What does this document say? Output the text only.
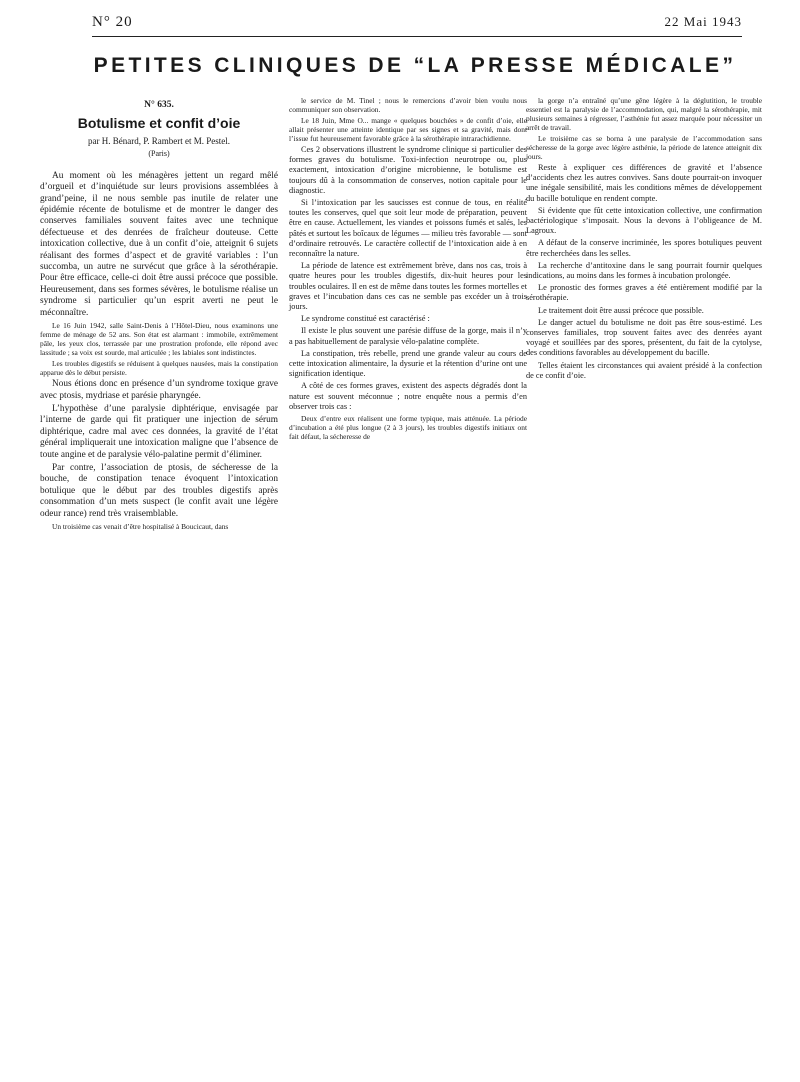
N° 20	22 Mai 1943
PETITES CLINIQUES DE “LA PRESSE MÉDICALE”

N° 635.

Botulisme et confit d’oie

par H. Bénard, P. Rambert et M. Pestel.

(Paris)

Au moment où les ménagères jettent un regard mêlé d’orgueil et d’inquiétude sur leurs provisions assemblées à grand’peine, il ne nous semble pas inutile de relater une épidémie récente de botulisme et de montrer le danger des conserves familiales souvent faites avec une technique défectueuse et des denrées de fraîcheur douteuse. Cette intoxication collective, due à un confit d’oie, atteignit 6 sujets réalisant des formes d’aspect et de gravité variables : l’un succomba, un autre ne survécut que grâce à la sérothérapie. Pour être efficace, celle-ci doit être aussi précoce que possible. Heureusement, dans ses formes sévères, le botulisme réalise un syndrome si particulier qu’un esprit averti ne peut le méconnaître.

Le 16 Juin 1942, salle Saint-Denis à l’Hôtel-Dieu, nous examinons une femme de ménage de 52 ans. Son état est alarmant : immobile, extrêmement pâle, les yeux clos, terrassée par une prostration profonde, elle répond avec lassitude ; sa voix est sourde, mal articulée ; les labiales sont indistinctes.

Les troubles digestifs se réduisent à quelques nausées, mais la constipation apparue dès le début persiste.

Nous étions donc en présence d’un syndrome toxique grave avec ptosis, mydriase et parésie pharyngée.

L’hypothèse d’une paralysie diphtérique, envisagée par l’interne de garde qui fit pratiquer une injection de sérum diphtérique, cadre mal avec ces données, la gravité de l’état général impliquerait une intoxication maligne que l’absence de toute angine et de paralysie vélo-palatine permit d’éliminer.

Par contre, l’association de ptosis, de sécheresse de la bouche, de constipation tenace évoquent l’intoxication botulique que le début par des troubles digestifs après consommation d’un mets suspect (le confit avait une légère odeur rance) rend très vraisemblable.

Un troisième cas venait d’être hospitalisé à Boucicaut, dans

le service de M. Tinel ; nous le remercions d’avoir bien voulu nous communiquer son observation.

Le 18 Juin, Mme O... mange « quelques bouchées » de confit d’oie, elle allait présenter une atteinte identique par ses signes et sa gravité, mais dont l’issue fut heureusement favorable grâce à la sérothérapie intrarachidienne.

Ces 2 observations illustrent le syndrome clinique si particulier des formes graves du botulisme. Toxi-infection neurotrope ou, plus exactement, intoxication d’origine microbienne, le botulisme est toujours dû à la consommation de conserves, notion capitale pour le diagnostic.

Si l’intoxication par les saucisses est connue de tous, en réalité toutes les conserves, quel que soit leur mode de préparation, peuvent être en cause. Actuellement, les viandes et poissons fumés et salés, les pâtés et surtout les boîcaux de légumes — milieu très favorable — sont d’ordinaire retrouvés. Le caractère collectif de l’intoxication aide à en reconnaître la nature.

La période de latence est extrêmement brève, dans nos cas, trois à quatre heures pour les troubles digestifs, dix-huit heures pour les troubles oculaires. Il en est de même dans toutes les formes mortelles et graves et l’incubation dans ces cas ne semble pas excéder un à trois jours.

Le syndrome constitué est caractérisé :

Il existe le plus souvent une parésie diffuse de la gorge, mais il n’y a pas habituellement de paralysie vélo-palatine complète.

La constipation, très rebelle, prend une grande valeur au cours de cette intoxication alimentaire, la dysurie et la rétention d’urine ont une signification identique.

A côté de ces formes graves, existent des aspects dégradés dont la nature est souvent méconnue ; notre enquête nous a permis d’en observer trois cas :

Deux d’entre eux réalisent une forme typique, mais atténuée. La période d’incubation a été plus longue (2 à 3 jours), les troubles digestifs initiaux ont fait défaut, la sécheresse de

la gorge n’a entraîné qu’une gêne légère à la déglutition, le trouble essentiel est la paralysie de l’accommodation, qui, malgré la sérothérapie, mit plusieurs semaines à régresser, l’asthénie fut assez marquée pour nécessiter un arrêt de travail.

Le troisième cas se borna à une paralysie de l’accommodation sans sécheresse de la gorge avec légère asthénie, la période de latence atteignit dix jours.

Reste à expliquer ces différences de gravité et l’absence d’accidents chez les autres convives. Sans doute pourrait-on invoquer une inégale sensibilité, mais les conditions mêmes de développement du bacille botulique en rendent compte.

Si évidente que fût cette intoxication collective, une confirmation bactériologique s’imposait. Nous la devons à l’obligeance de M. Lagroux.

A défaut de la conserve incriminée, les spores botuliques peuvent être recherchées dans les selles.

La recherche d’antitoxine dans le sang pourrait fournir quelques indications, au moins dans les formes à incubation prolongée.

Le pronostic des formes graves a été entièrement modifié par la sérothérapie.

Le traitement doit être aussi précoce que possible.

Le danger actuel du botulisme ne doit pas être sous-estimé. Les conserves familiales, trop souvent faites avec des denrées ayant voyagé et souillées par des spores, présentent, du fait de la cytolyse, des conditions favorables au développement du bacille.

Telles étaient les circonstances qui avaient présidé à la confection de ce confit d’oie.
